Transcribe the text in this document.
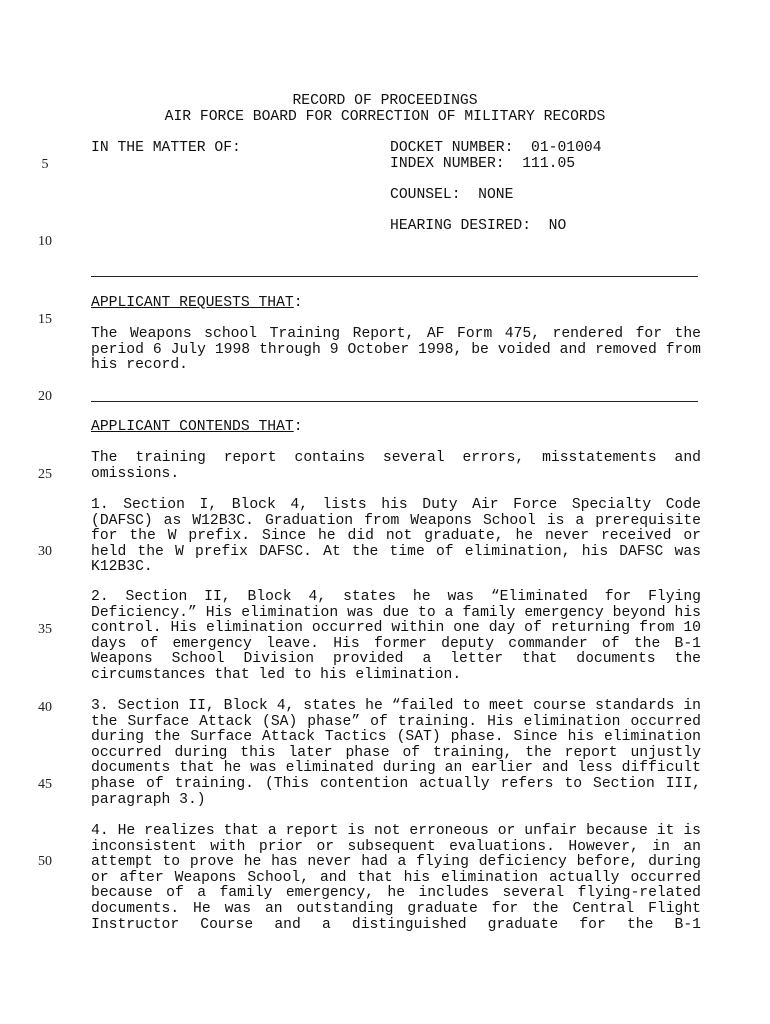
RECORD OF PROCEEDINGS
AIR FORCE BOARD FOR CORRECTION OF MILITARY RECORDS
IN THE MATTER OF:	DOCKET NUMBER:  01-01004
INDEX NUMBER:  111.05
COUNSEL:  NONE
HEARING DESIRED:  NO
5
10
15
20
25
30
35
40
45
50
APPLICANT REQUESTS THAT:
The Weapons school Training Report, AF Form 475, rendered for the period 6 July 1998 through 9 October 1998, be voided and removed from his record.
APPLICANT CONTENDS THAT:
The training report contains several errors, misstatements and omissions.
1. Section I, Block 4, lists his Duty Air Force Specialty Code (DAFSC) as W12B3C. Graduation from Weapons School is a prerequisite for the W prefix. Since he did not graduate, he never received or held the W prefix DAFSC. At the time of elimination, his DAFSC was K12B3C.
2. Section II, Block 4, states he was “Eliminated for Flying Deficiency.” His elimination was due to a family emergency beyond his control. His elimination occurred within one day of returning from 10 days of emergency leave. His former deputy commander of the B-1 Weapons School Division provided a letter that documents the circumstances that led to his elimination.
3. Section II, Block 4, states he “failed to meet course standards in the Surface Attack (SA) phase” of training. His elimination occurred during the Surface Attack Tactics (SAT) phase. Since his elimination occurred during this later phase of training, the report unjustly documents that he was eliminated during an earlier and less difficult phase of training. (This contention actually refers to Section III, paragraph 3.)
4. He realizes that a report is not erroneous or unfair because it is inconsistent with prior or subsequent evaluations. However, in an attempt to prove he has never had a flying deficiency before, during or after Weapons School, and that his elimination actually occurred because of a family emergency, he includes several flying-related documents. He was an outstanding graduate for the Central Flight Instructor Course and a distinguished graduate for the B-1
